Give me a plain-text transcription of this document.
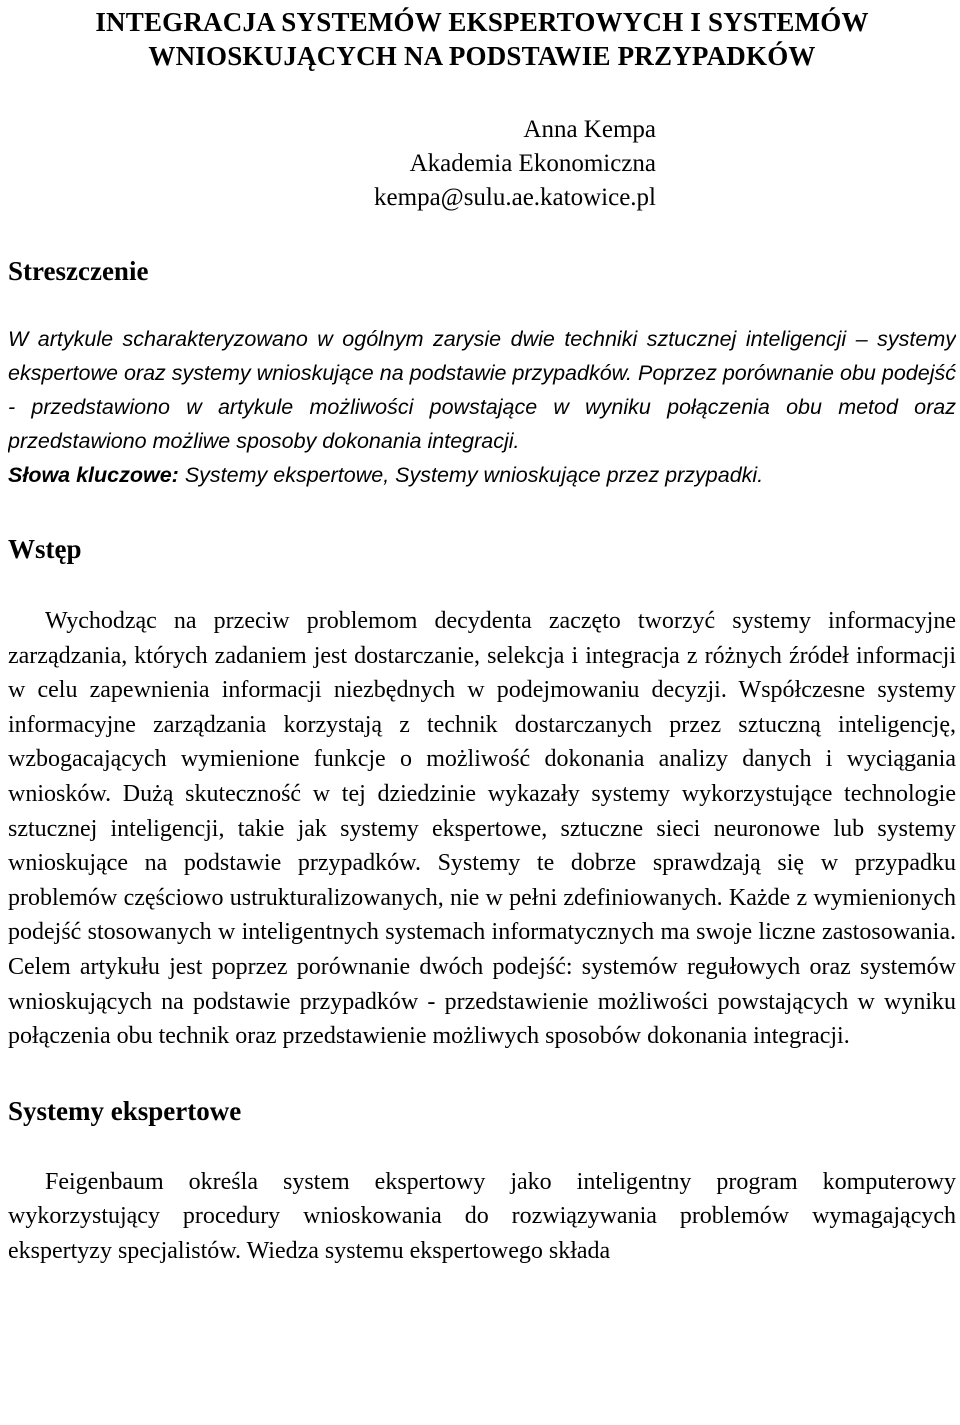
INTEGRACJA SYSTEMÓW EKSPERTOWYCH I SYSTEMÓW
WNIOSKUJĄCYCH NA PODSTAWIE PRZYPADKÓW
Anna Kempa
Akademia Ekonomiczna
kempa@sulu.ae.katowice.pl
Streszczenie
W artykule scharakteryzowano w ogólnym zarysie dwie techniki sztucznej inteligencji – systemy ekspertowe oraz systemy wnioskujące na podstawie przypadków. Poprzez porównanie obu podejść - przedstawiono w artykule możliwości powstające w wyniku połączenia obu metod oraz przedstawiono możliwe sposoby dokonania integracji.
Słowa kluczowe: Systemy ekspertowe, Systemy wnioskujące przez przypadki.
Wstęp

Wychodząc na przeciw problemom decydenta zaczęto tworzyć systemy informacyjne zarządzania, których zadaniem jest dostarczanie, selekcja i integracja z różnych źródeł informacji w celu zapewnienia informacji niezbędnych w podejmowaniu decyzji. Współczesne systemy informacyjne zarządzania korzystają z technik dostarczanych przez sztuczną inteligencję, wzbogacających wymienione funkcje o możliwość dokonania analizy danych i wyciągania wniosków. Dużą skuteczność w tej dziedzinie wykazały systemy wykorzystujące technologie sztucznej inteligencji, takie jak systemy ekspertowe, sztuczne sieci neuronowe lub systemy wnioskujące na podstawie przypadków. Systemy te dobrze sprawdzają się w przypadku problemów częściowo ustrukturalizowanych, nie w pełni zdefiniowanych. Każde z wymienionych podejść stosowanych w inteligentnych systemach informatycznych ma swoje liczne zastosowania. Celem artykułu jest poprzez porównanie dwóch podejść: systemów regułowych oraz systemów wnioskujących na podstawie przypadków - przedstawienie możliwości powstających w wyniku połączenia obu technik oraz przedstawienie możliwych sposobów dokonania integracji.

Systemy ekspertowe

Feigenbaum określa system ekspertowy jako inteligentny program komputerowy wykorzystujący procedury wnioskowania do rozwiązywania problemów wymagających ekspertyzy specjalistów. Wiedza systemu ekspertowego składa
